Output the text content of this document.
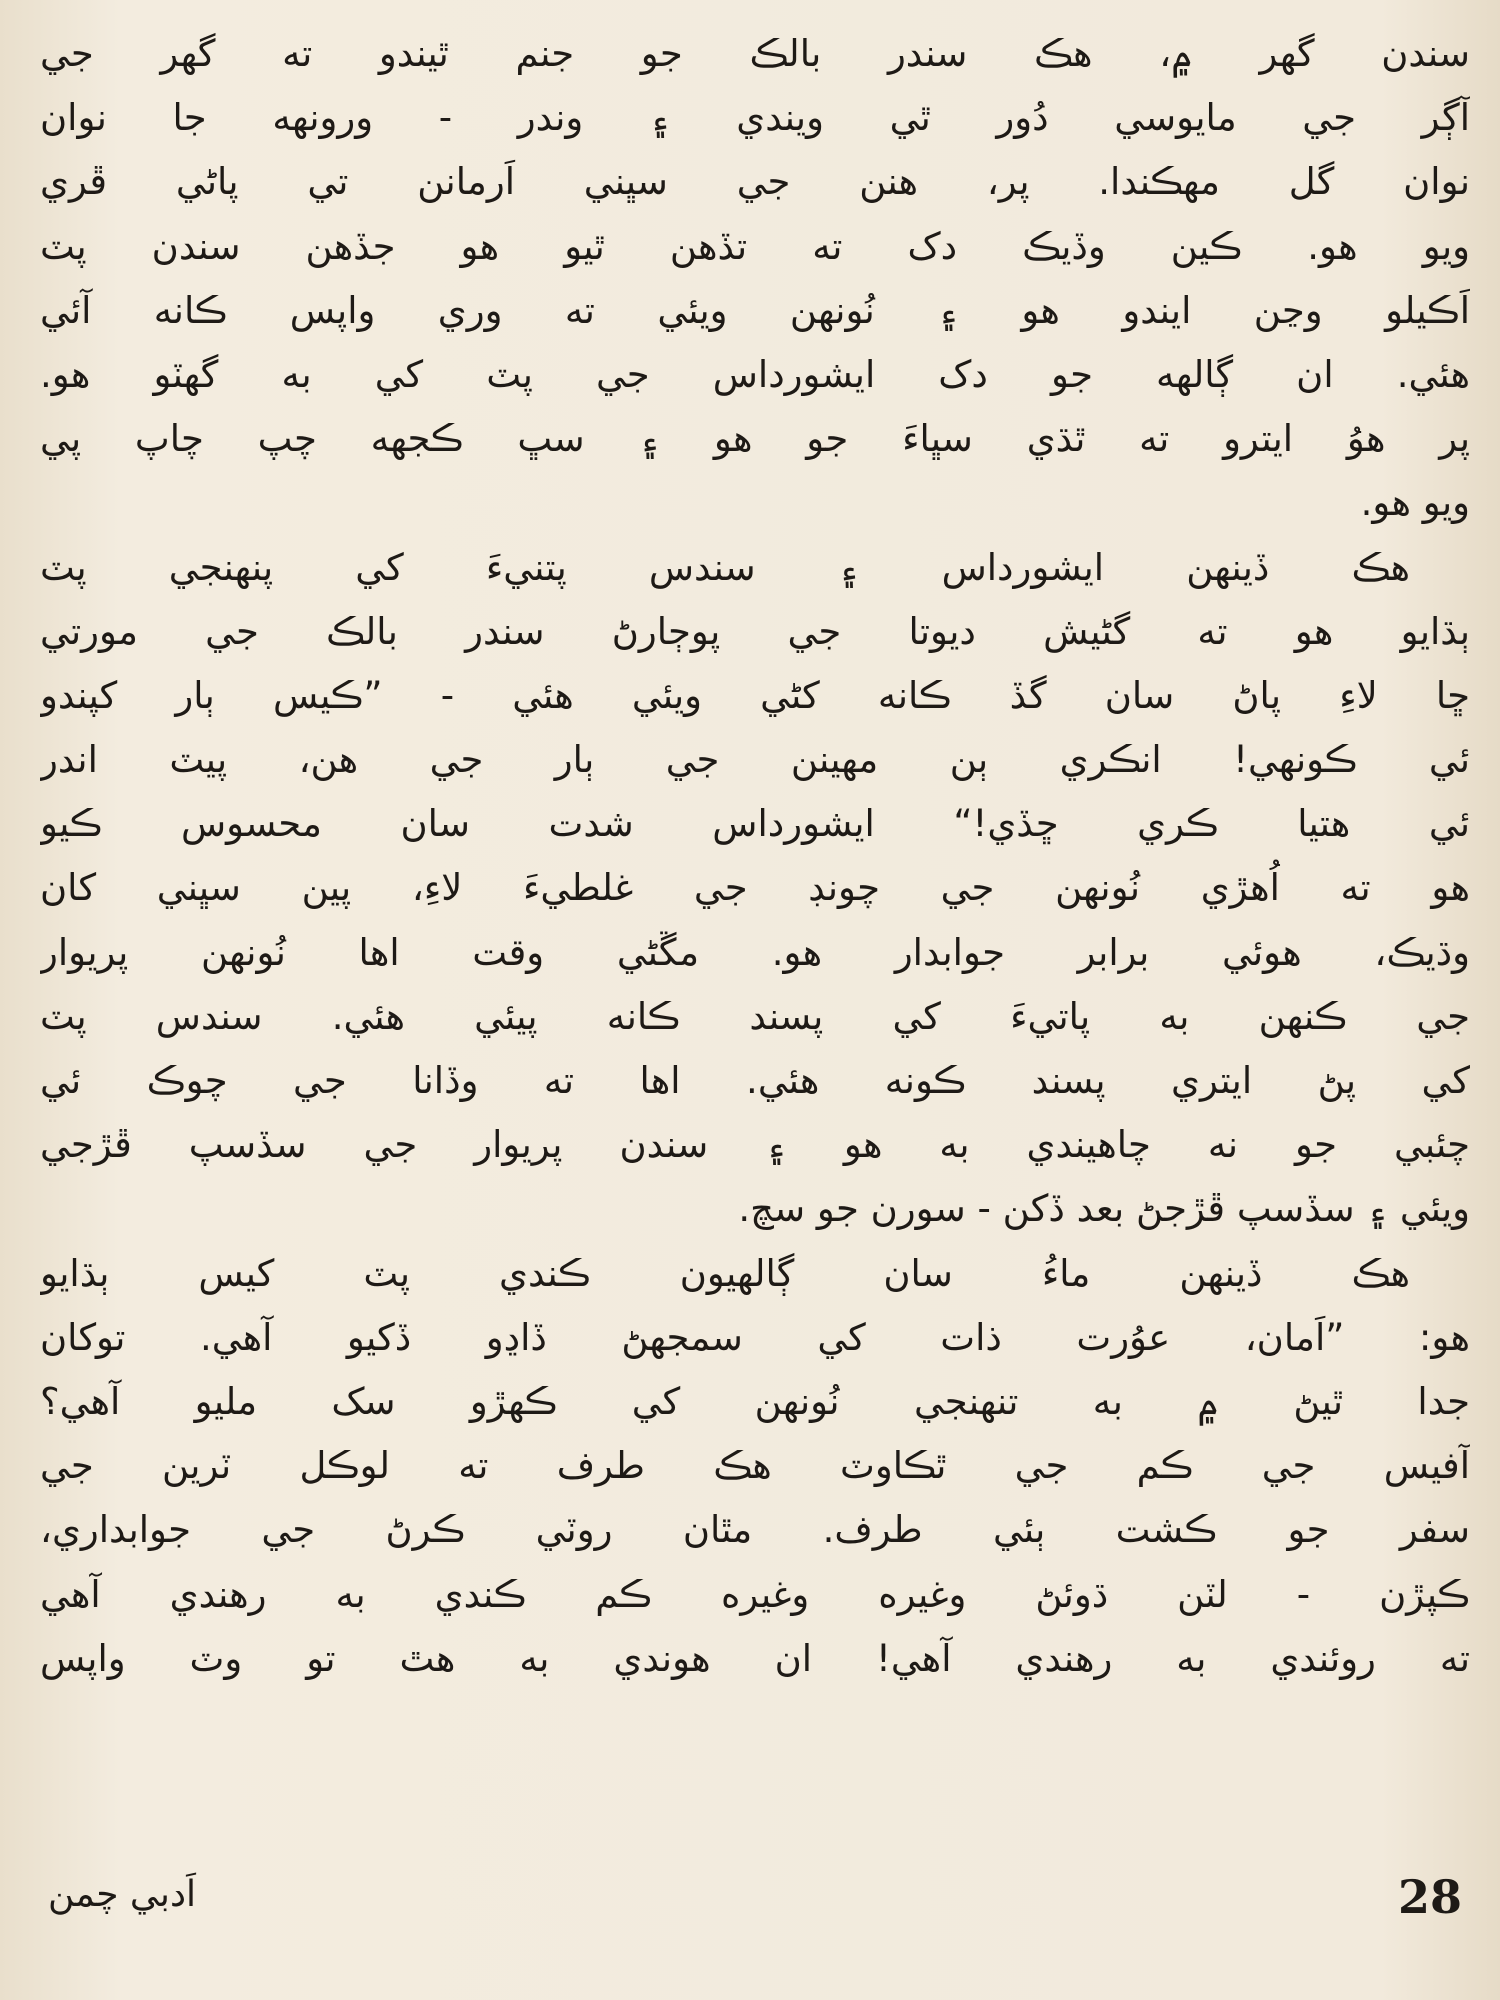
سندن گهر ۾، هڪ سندر بالڪ جو جنم ٿيندو ته گهر جي
آڳر جي مايوسي دُور ٿي ويندي ۽ وندر - ورونهه جا نوان
نوان گل مهڪندا. پر، هنن جي سڀني اَرمانن تي پاڻي ڦري
ويو هو. ڪين وڏيڪ دک ته تڏهن ٿيو هو جڏهن سندن پٽ
اَڪيلو وڃن ايندو هو ۽ نُونهن ويئي ته وري واپس ڪانه آئي
هئي. ان ڳالهه جو دک ايشورداس جي پٽ کي به گهٽو هو.
پر هوُ ايترو ته ٿڌي سڀاءَ جو هو ۽ سڀ ڪجهه چپ چاپ پي
ويو هو.
هڪ ڏينهن ايشورداس ۽ سندس پتنيءَ کي پنهنجي پٽ
ٻڌايو هو ته گڻيش ديوتا جي پوڄارڻ سندر بالڪ جي مورتي
ڇا لاءِ پاڻ سان گڏ ڪانه کڻي ويئي هئي - ”ڪيس ٻار کپندو
ئي ڪونهي! انڪري ٻن مهينن جي ٻار جي هن، پيٽ اندر
ئي هتيا ڪري ڇڏي!“ ايشورداس شدت سان محسوس ڪيو
هو ته اُهڙي نُونهن جي چونڊ جي غلطيءَ لاءِ، پين سڀني کان
وڌيڪ، هوئي برابر جوابدار هو. مڱڻي وقت اها نُونهن پريوار
جي ڪنهن به پاتيءَ کي پسند ڪانه پيئي هئي. سندس پٽ
کي پڻ ايتري پسند ڪونه هئي. اها ته وڏانا جي چوڪ ئي
چئبي جو نه چاهيندي به هو ۽ سندن پريوار جي سڏسپ ڦڙجي
ويئي ۽ سڏسپ ڦڙجڻ بعد ڏکن - سورن جو سچ.
هڪ ڏينهن ماءُ سان ڳالهيون ڪندي پٽ کيس ٻڌايو
هو: ”اَمان، عوُرت ذات کي سمجهڻ ڏاڍو ڏکيو آهي. توکان
جدا ٿيڻ ۾ به تنهنجي نُونهن کي ڪهڙو سک مليو آهي؟
آفيس جي ڪم جي ٿڪاوٽ هڪ طرف ته لوڪل ٽرين جي
سفر جو ڪشت ٻئي طرف. مٿان روٽي ڪرڻ جي جوابداري،
ڪپڙن - لٽن ڌوئڻ وغيره وغيره ڪم ڪندي به رهندي آهي
ته روئندي به رهندي آهي! ان هوندي به هٿ تو وٽ واپس
اَدبي چمن	28
